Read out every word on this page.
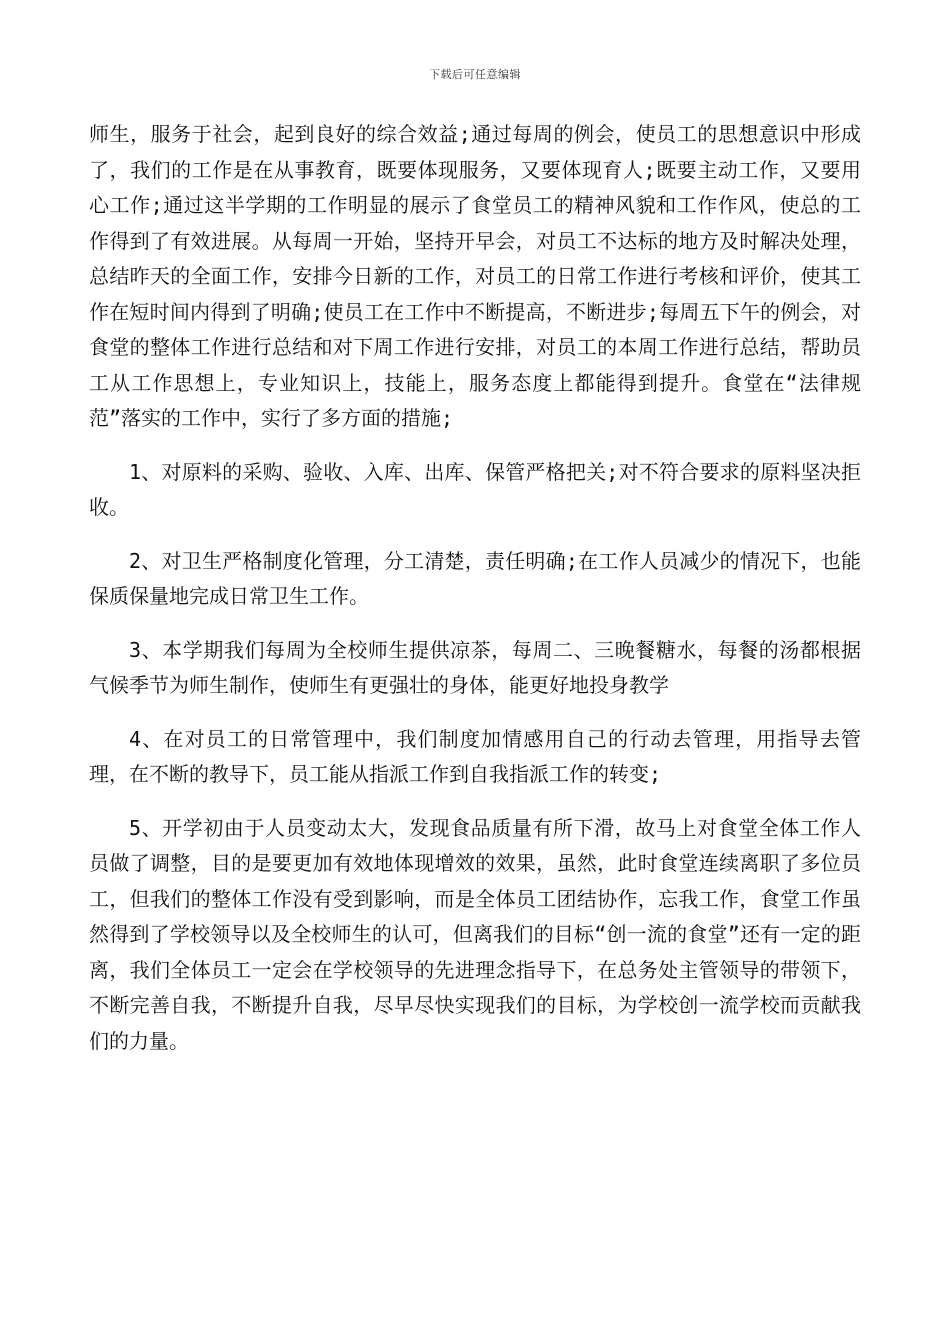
下载后可任意编辑

师生，服务于社会，起到良好的综合效益;通过每周的例会，使员工的思想意识中形成了，我们的工作是在从事教育，既要体现服务，又要体现育人;既要主动工作，又要用心工作;通过这半学期的工作明显的展示了食堂员工的精神风貌和工作作风，使总的工作得到了有效进展。从每周一开始，坚持开早会，对员工不达标的地方及时解决处理，总结昨天的全面工作，安排今日新的工作，对员工的日常工作进行考核和评价，使其工作在短时间内得到了明确;使员工在工作中不断提高，不断进步;每周五下午的例会，对食堂的整体工作进行总结和对下周工作进行安排，对员工的本周工作进行总结，帮助员工从工作思想上，专业知识上，技能上，服务态度上都能得到提升。食堂在“法律规范”落实的工作中，实行了多方面的措施;

1、对原料的采购、验收、入库、出库、保管严格把关;对不符合要求的原料坚决拒收。

2、对卫生严格制度化管理，分工清楚，责任明确;在工作人员减少的情况下，也能保质保量地完成日常卫生工作。

3、本学期我们每周为全校师生提供凉茶，每周二、三晚餐糖水，每餐的汤都根据气候季节为师生制作，使师生有更强壮的身体，能更好地投身教学

4、在对员工的日常管理中，我们制度加情感用自己的行动去管理，用指导去管理，在不断的教导下，员工能从指派工作到自我指派工作的转变;

5、开学初由于人员变动太大，发现食品质量有所下滑，故马上对食堂全体工作人员做了调整，目的是要更加有效地体现增效的效果，虽然，此时食堂连续离职了多位员工，但我们的整体工作没有受到影响，而是全体员工团结协作，忘我工作，食堂工作虽然得到了学校领导以及全校师生的认可，但离我们的目标“创一流的食堂”还有一定的距离，我们全体员工一定会在学校领导的先进理念指导下，在总务处主管领导的带领下，不断完善自我，不断提升自我，尽早尽快实现我们的目标，为学校创一流学校而贡献我们的力量。
